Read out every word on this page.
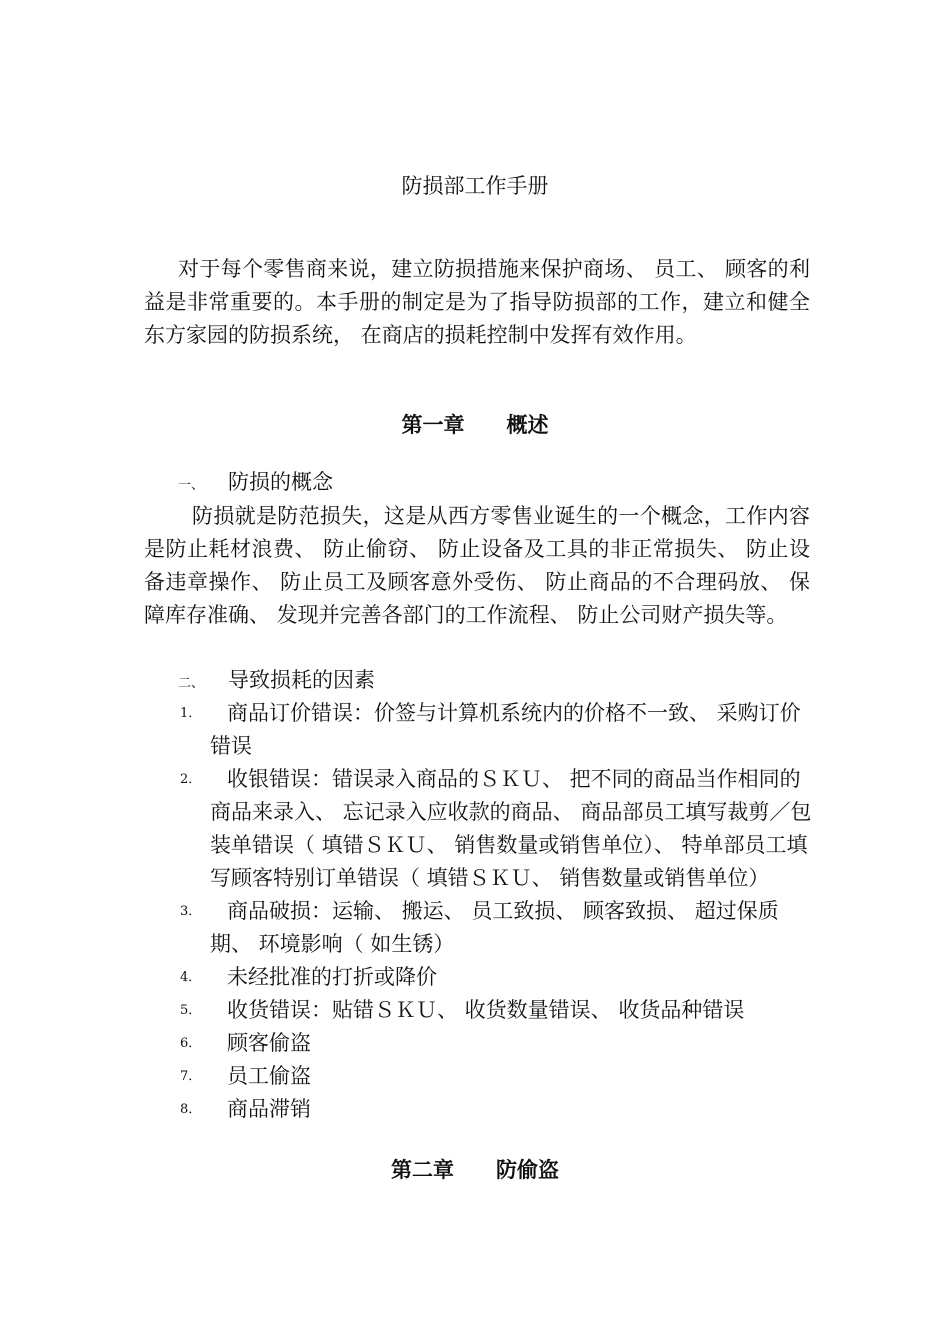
防损部工作手册

对于每个零售商来说，建立防损措施来保护商场、 员工、 顾客的利益是非常重要的。本手册的制定是为了指导防损部的工作，建立和健全东方家园的防损系统， 在商店的损耗控制中发挥有效作用。

第一章　　概述
一、 防损的概念

防损就是防范损失，这是从西方零售业诞生的一个概念，工作内容是防止耗材浪费、 防止偷窃、 防止设备及工具的非正常损失、 防止设备违章操作、 防止员工及顾客意外受伤、 防止商品的不合理码放、 保障库存准确、 发现并完善各部门的工作流程、 防止公司财产损失等。

二、 导致损耗的因素
1．	商品订价错误：价签与计算机系统内的价格不一致、 采购订价错误
2．	收银错误：错误录入商品的ＳＫＵ、 把不同的商品当作相同的商品来录入、 忘记录入应收款的商品、 商品部员工填写裁剪／包装单错误（ 填错ＳＫＵ、 销售数量或销售单位）、 特单部员工填写顾客特别订单错误（ 填错ＳＫＵ、 销售数量或销售单位）
3．	商品破损：运输、 搬运、 员工致损、 顾客致损、 超过保质期、 环境影响（ 如生锈）
4．	未经批准的打折或降价
5．	收货错误：贴错ＳＫＵ、 收货数量错误、 收货品种错误
6．	顾客偷盗
7．	员工偷盗
8．	商品滞销
第二章　　防偷盗
